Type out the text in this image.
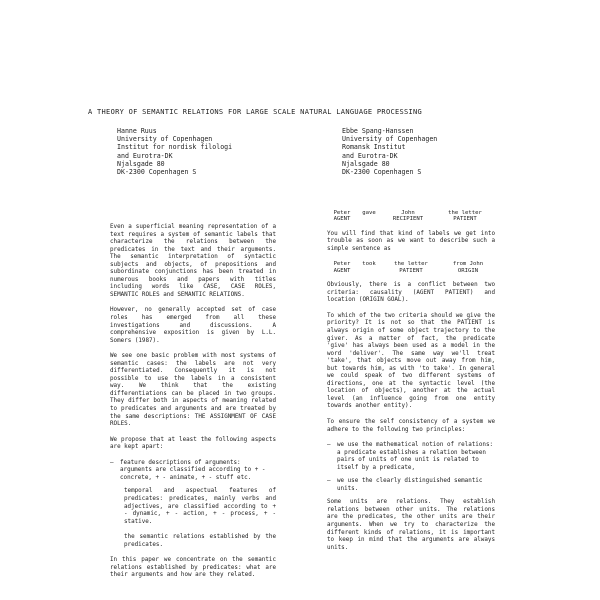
A THEORY OF SEMANTIC RELATIONS FOR LARGE SCALE NATURAL LANGUAGE PROCESSING
Hanne Ruus
University of Copenhagen
Institut for nordisk filologi
and Eurotra-DK
Njalsgade 80
DK-2300 Copenhagen S
Ebbe Spang-Hanssen
University of Copenhagen
Romansk Institut
and Eurotra-DK
Njalsgade 80
DK-2300 Copenhagen S

Even a superficial meaning representation of a text requires a system of semantic labels that characterize the relations between the predicates in the text and their arguments. The semantic interpretation of syntactic subjects and objects, of prepositions and subordinate conjunctions has been treated in numerous books and papers with titles including words like CASE, CASE ROLES, SEMANTIC ROLES and SEMANTIC RELATIONS.

However, no generally accepted set of case roles has emerged from all these investigations and discussions. A comprehensive exposition is given by L.L. Somers (1987).

We see one basic problem with most systems of semantic cases: the labels are not very differentiated. Consequently it is not possible to use the labels in a consistent way. We think that the existing differentiations can be placed in two groups. They differ both in aspects of meaning related to predicates and arguments and are treated by the same descriptions: THE ASSIGNMENT OF CASE ROLES.

We propose that at least the following aspects are kept apart:

– feature descriptions of arguments: arguments are classified according to + - concrete, + - animate, + - stuff etc.

temporal and aspectual features of predicates: predicates, mainly verbs and adjectives, are classified according to + - dynamic, + - action, + - process, + - stative.

the semantic relations established by the predicates.

In this paper we concentrate on the semantic relations established by predicates: what are their arguments and how are they related.

Peter	gave	John	the letter
AGENT		RECIPIENT	PATIENT

You will find that kind of labels we get into trouble as soon as we want to describe such a simple sentence as

Peter	took	the letter	from John
AGENT		PATIENT	ORIGIN

Obviously, there is a conflict between two criteria: causality (AGENT PATIENT) and location (ORIGIN GOAL).

To which of the two criteria should we give the priority? It is not so that the PATIENT is always origin of some object trajectory to the giver. As a matter of fact, the predicate 'give' has always been used as a model in the word 'deliver'. The same way we'll treat 'take', that objects move out away from him, but towards him, as with 'to take'. In general we could speak of two different systems of directions, one at the syntactic level (the location of objects), another at the actual level (an influence going from one entity towards another entity).

To ensure the self consistency of a system we adhere to the following two principles:

– we use the mathematical notion of relations: a predicate establishes a relation between pairs of units of one unit is related to itself by a predicate,
– we use the clearly distinguished semantic units.

Some units are relations. They establish relations between other units. The relations are the predicates, the other units are their arguments. When we try to characterize the different kinds of relations, it is important to keep in mind that the arguments are always units.
